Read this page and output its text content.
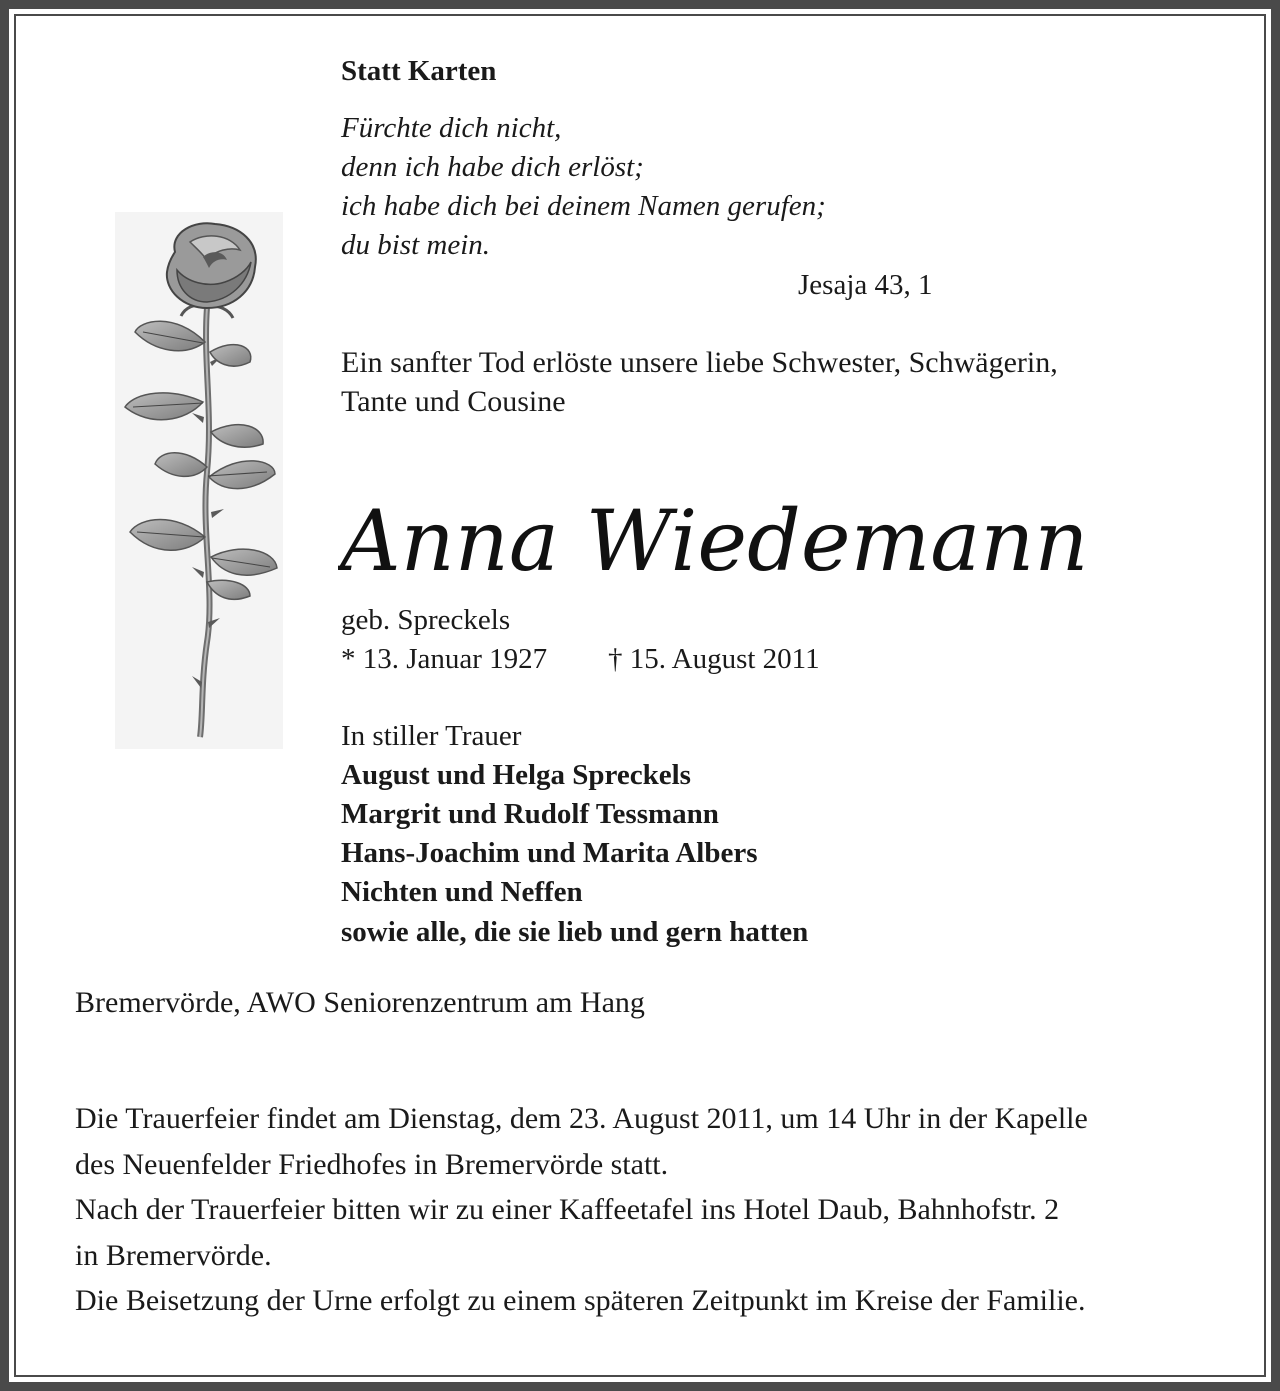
Statt Karten
Fürchte dich nicht,
denn ich habe dich erlöst;
ich habe dich bei deinem Namen gerufen;
du bist mein.
Jesaja 43, 1
Ein sanfter Tod erlöste unsere liebe Schwester, Schwägerin,
Tante und Cousine
Anna Wiedemann
geb. Spreckels
* 13. Januar 1927 † 15. August 2011
In stiller Trauer
August und Helga Spreckels
Margrit und Rudolf Tessmann
Hans-Joachim und Marita Albers
Nichten und Neffen
sowie alle, die sie lieb und gern hatten
Bremervörde, AWO Seniorenzentrum am Hang
Die Trauerfeier findet am Dienstag, dem 23. August 2011, um 14 Uhr in der Kapelle
des Neuenfelder Friedhofes in Bremervörde statt.
Nach der Trauerfeier bitten wir zu einer Kaffeetafel ins Hotel Daub, Bahnhofstr. 2
in Bremervörde.
Die Beisetzung der Urne erfolgt zu einem späteren Zeitpunkt im Kreise der Familie.
